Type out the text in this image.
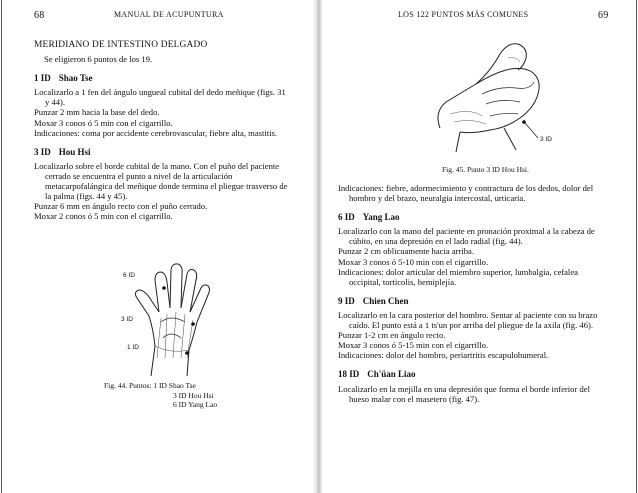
68	MANUAL DE ACUPUNTURA

MERIDIANO DE INTESTINO DELGADO

Se eligieron 6 puntos de los 19.

1 ID Shao Tse

Localizarlo a 1 fen del ángulo ungueal cubital del dedo meñique (figs. 31 y 44).

Punzar 2 mm hacia la base del dedo.

Moxar 3 conos ó 5 min con el cigarrillo.

Indicaciones: coma por accidente cerebrovascular, fiebre alta, mastitis.

3 ID Hou Hsi

Localizarlo sobre el borde cubital de la mano. Con el puño del paciente cerrado se encuentra el punto a nivel de la articulación metacarpofalángica del meñique donde termina el pliegue trasverso de la palma (figs. 44 y 45).

Punzar 6 mm en ángulo recto con el puño cerrado.

Moxar 2 conos ó 5 min con el cigarrillo.

6 ID
3 ID
1 ID
Fig. 44. Puntos: 1 ID Shao Tse
3 ID Hou Hsi
6 ID Yang Lao
LOS 122 PUNTOS MÁS COMUNES	69
3 ID
Fig. 45. Punto 3 ID Hou Hsi.

Indicaciones: fiebre, adormecimiento y contractura de los dedos, dolor del hombro y del brazo, neuralgia intercostal, urticaria.

6 ID Yang Lao

Localizarlo con la mano del paciente en pronación proximal a la cabeza de cúbito, en una depresión en el lado radial (fig. 44).

Punzar 2 cm oblicuamente hacia arriba.

Moxar 3 conos ó 5-10 min con el cigarrillo.

Indicaciones: dolor articular del miembro superior, lumbalgia, cefalea occipital, torticolis, hemiplejía.

9 ID Chien Chen

Localizarlo en la cara posterior del hombro. Sentar al paciente con su brazo caído. El punto está a 1 ts'un por arriba del pliegue de la axila (fig. 46).

Punzar 1-2 cm en ángulo recto.

Moxar 3 conos ó 5-15 min con el cigarrillo.

Indicaciones: dolor del hombro, periartritis escapulohumeral.

18 ID Ch'üan Liao

Localizarlo en la mejilla en una depresión que forma el borde inferior del hueso malar con el masetero (fig. 47).
